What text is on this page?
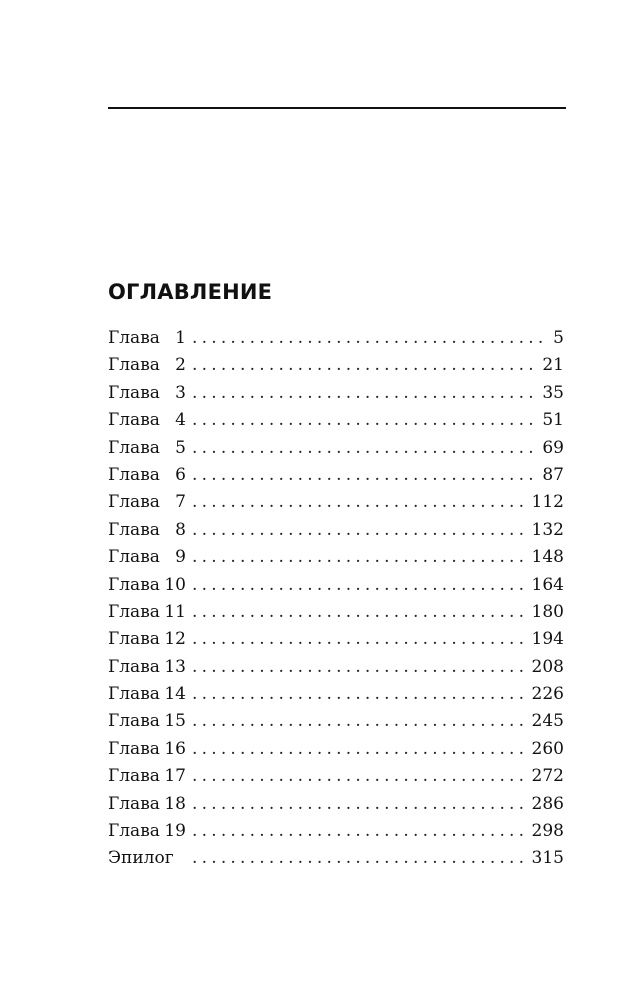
ОГЛАВЛЕНИЕ
Глава 1 . . .	5
Глава 2 . . .	21
Глава 3 . . .	35
Глава 4 . . .	51
Глава 5 . . .	69
Глава 6 . . .	87
Глава 7 . . .	112
Глава 8 . . .	132
Глава 9 . . .	148
Глава 10 . . .	164
Глава 11 . . .	180
Глава 12 . . .	194
Глава 13 . . .	208
Глава 14 . . .	226
Глава 15 . . .	245
Глава 16 . . .	260
Глава 17 . . .	272
Глава 18 . . .	286
Глава 19 . . .	298
Эпилог . . .	315
